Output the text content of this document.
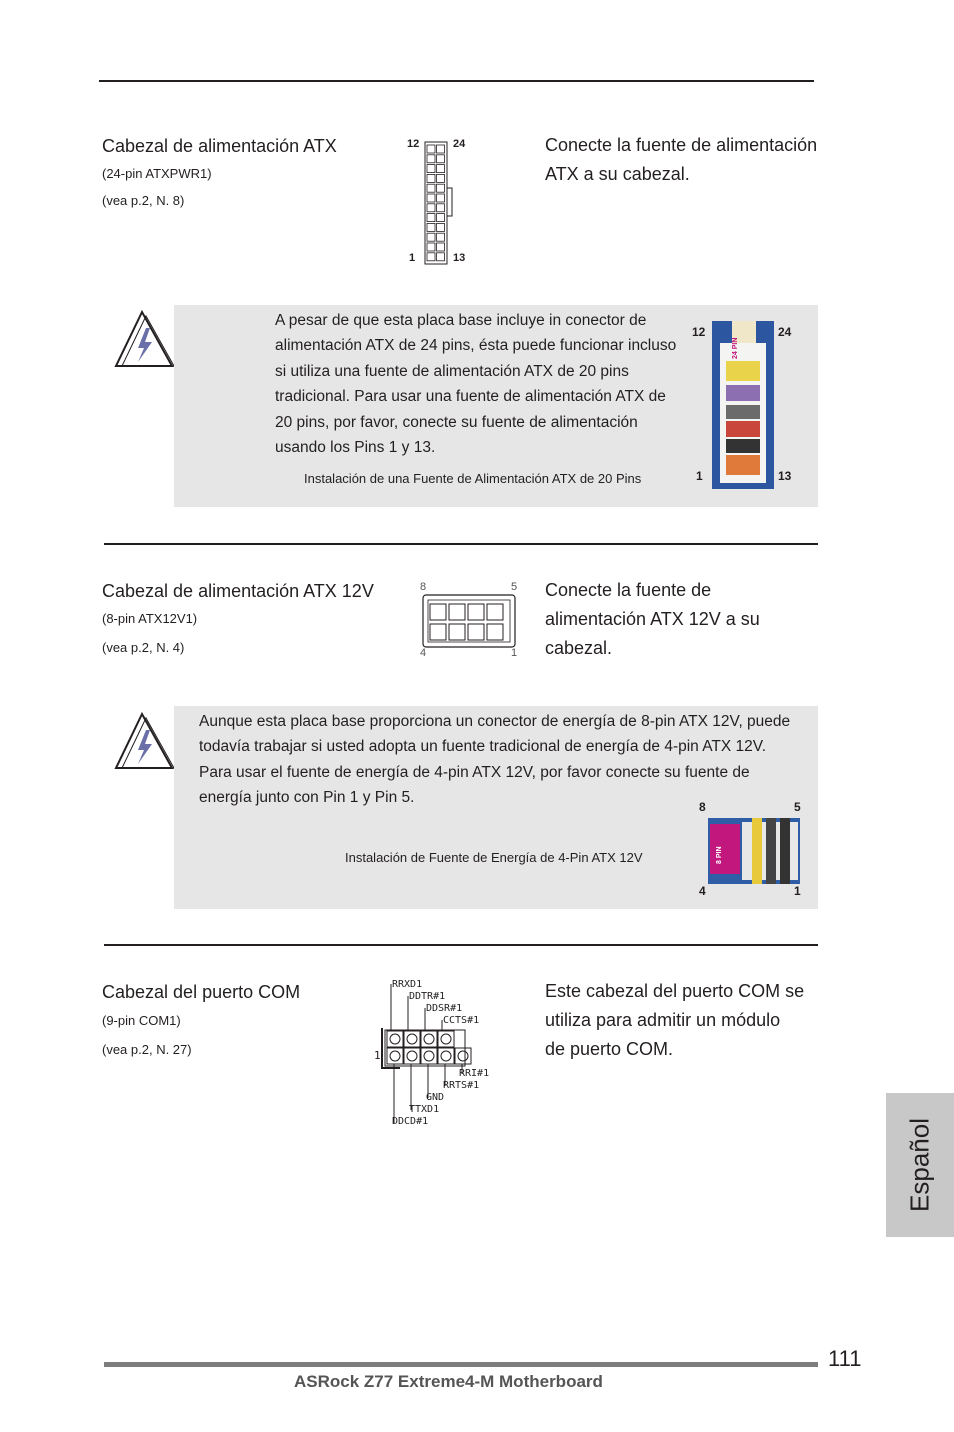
Cabezal de alimentación ATX
(24-pin ATXPWR1)
(vea p.2, N. 8)
12	24
1	13
Conecte la fuente de alimentación ATX a su cabezal.
A pesar de que esta placa base incluye in conector de alimentación ATX de 24 pins, ésta puede funcionar incluso si utiliza una fuente de alimentación ATX de 20 pins tradicional. Para usar una fuente de alimentación ATX de 20 pins, por favor, conecte su fuente de alimentación usando los Pins 1 y 13.
Instalación de una Fuente de Alimentación ATX de 20 Pins
12	24
1	13
24 PIN
Cabezal de alimentación ATX 12V
(8-pin ATX12V1)
(vea p.2, N. 4)
8	5
4	1
Conecte la fuente de alimentación ATX 12V a su cabezal.
Aunque esta placa base proporciona un conector de energía de 8-pin ATX 12V, puede todavía trabajar si usted adopta un fuente tradicional de energía de 4-pin ATX 12V. Para usar el fuente de energía de 4-pin ATX 12V, por favor conecte su fuente de energía junto con Pin 1 y Pin 5.
Instalación de Fuente de Energía de 4-Pin ATX 12V
8	5
4	1
8 PIN
Cabezal del puerto COM
(9-pin COM1)
(vea p.2, N. 27)	1
RRXD1
DDTR#1
DDSR#1
CCTS#1
RRI#1
RRTS#1
GND
TTXD1
DDCD#1
Este cabezal del puerto COM se utiliza para admitir un módulo de puerto COM.
Español
111
ASRock Z77 Extreme4-M Motherboard
